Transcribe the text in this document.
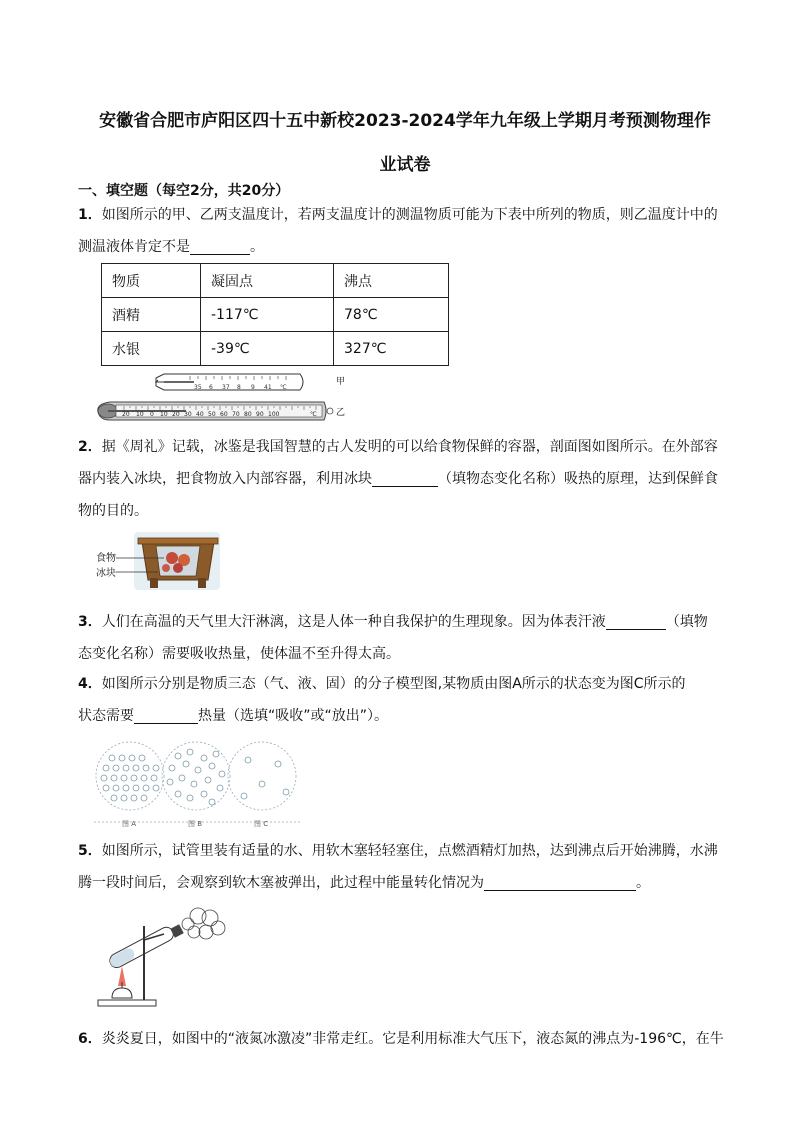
安徽省合肥市庐阳区四十五中新校2023-2024学年九年级上学期月考预测物理作
业试卷
一、填空题（每空2分，共20分）
1．如图所示的甲、乙两支温度计，若两支温度计的测温物质可能为下表中所列的物质，则乙温度计中的
测温液体肯定不是	。
物质	凝固点	沸点
酒精	-117℃	78℃
水银	-39℃	327℃
35 6 37 8 9 41 ℃
甲
20 10 0 10 20 30 40 50 60 70 80 90 100	℃ 乙
2．据《周礼》记载，冰鉴是我国智慧的古人发明的可以给食物保鲜的容器，剖面图如图所示。在外部容
器内装入冰块，把食物放入内部容器，利用冰块	（填物态变化名称）吸热的原理，达到保鲜食
物的目的。
食物
冰块
3．人们在高温的天气里大汗淋漓，这是人体一种自我保护的生理现象。因为体表汗液	（填物
态变化名称）需要吸收热量，使体温不至升得太高。
4．如图所示分别是物质三态（气、液、固）的分子模型图,某物质由图A所示的状态变为图C所示的
状态需要	热量（选填“吸收”或“放出”）。
图 A	图 B	图 C
5．如图所示，试管里装有适量的水、用软木塞轻轻塞住，点燃酒精灯加热，达到沸点后开始沸腾，水沸
腾一段时间后，会观察到软木塞被弹出，此过程中能量转化情况为	。
6．炎炎夏日，如图中的“液氮冰激凌”非常走红。它是利用标准大气压下，液态氮的沸点为-196℃，在牛
